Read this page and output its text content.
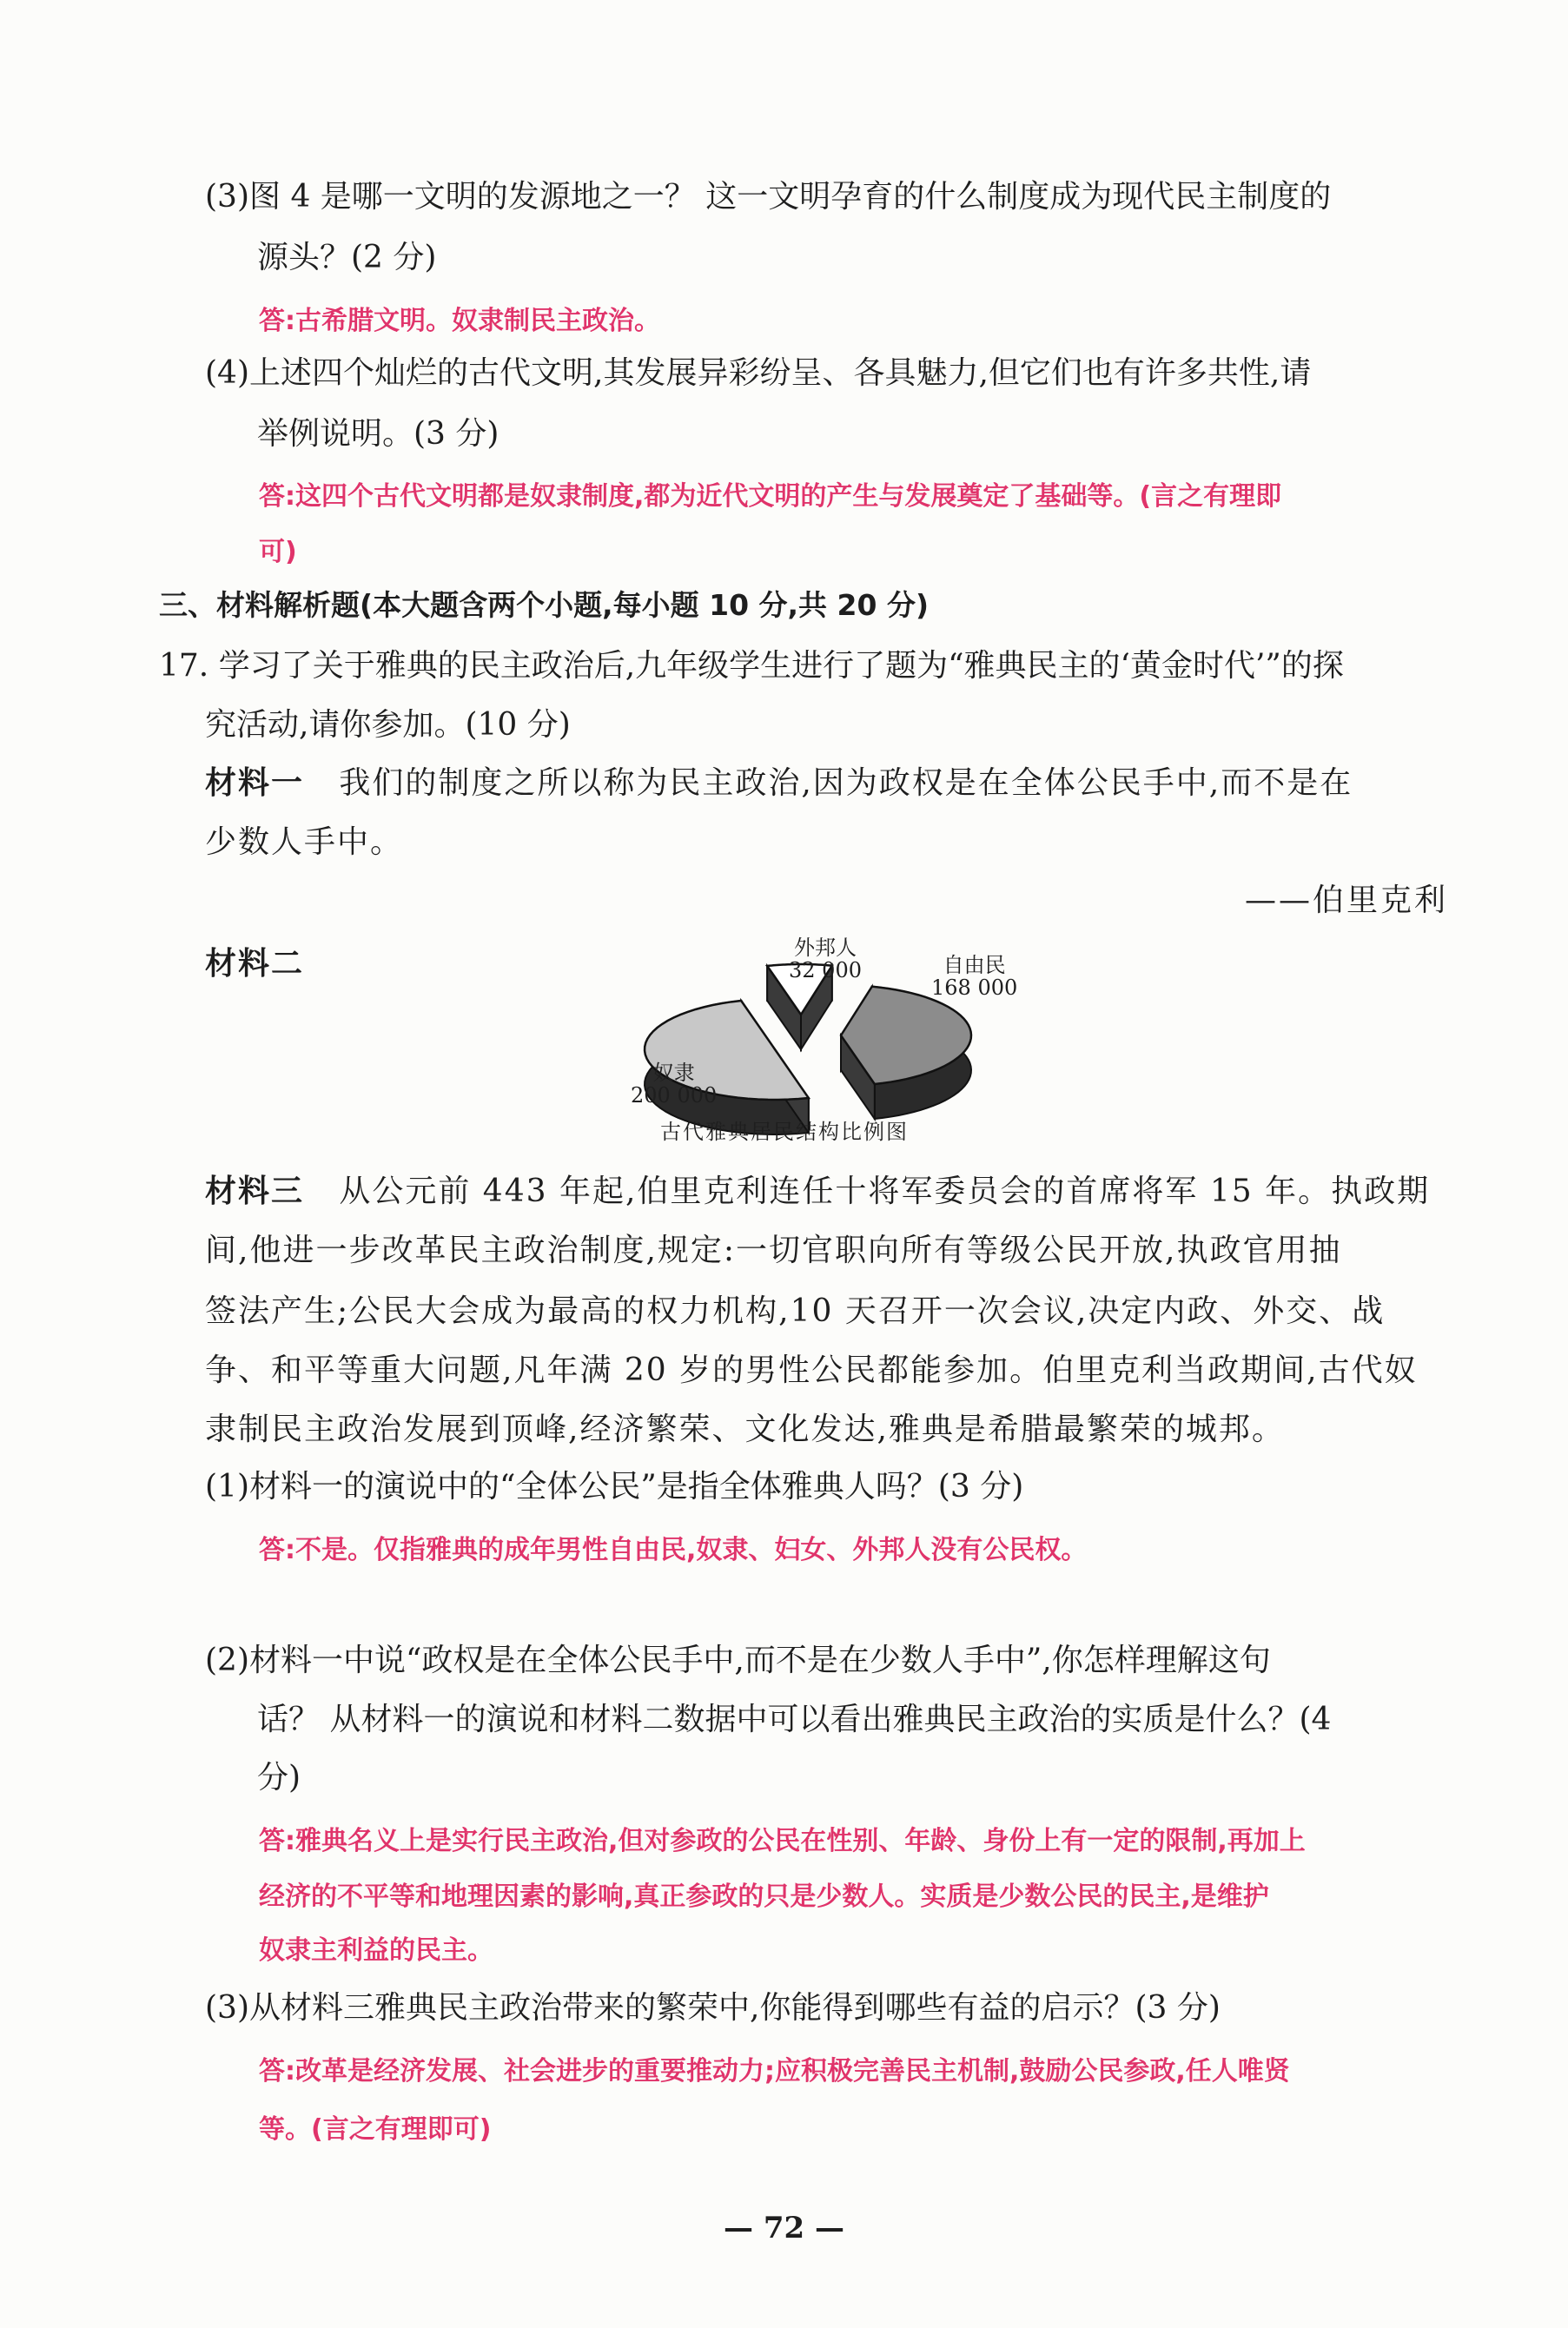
(3)图 4 是哪一文明的发源地之一？ 这一文明孕育的什么制度成为现代民主制度的
源头？(2 分)
答:古希腊文明。奴隶制民主政治。
(4)上述四个灿烂的古代文明,其发展异彩纷呈、各具魅力,但它们也有许多共性,请
举例说明。(3 分)
答:这四个古代文明都是奴隶制度,都为近代文明的产生与发展奠定了基础等。(言之有理即
可)
三、材料解析题(本大题含两个小题,每小题 10 分,共 20 分)
17. 学习了关于雅典的民主政治后,九年级学生进行了题为“雅典民主的‘黄金时代’”的探
究活动,请你参加。(10 分)
材料一 我们的制度之所以称为民主政治,因为政权是在全体公民手中,而不是在
少数人手中。
——伯里克利
材料二	外邦人
32 000	自由民
168 000
奴隶
200 000
古代雅典居民结构比例图
材料三 从公元前 443 年起,伯里克利连任十将军委员会的首席将军 15 年。执政期
间,他进一步改革民主政治制度,规定:一切官职向所有等级公民开放,执政官用抽
签法产生;公民大会成为最高的权力机构,10 天召开一次会议,决定内政、外交、战
争、和平等重大问题,凡年满 20 岁的男性公民都能参加。伯里克利当政期间,古代奴
隶制民主政治发展到顶峰,经济繁荣、文化发达,雅典是希腊最繁荣的城邦。
(1)材料一的演说中的“全体公民”是指全体雅典人吗？(3 分)
答:不是。仅指雅典的成年男性自由民,奴隶、妇女、外邦人没有公民权。
(2)材料一中说“政权是在全体公民手中,而不是在少数人手中”,你怎样理解这句
话？ 从材料一的演说和材料二数据中可以看出雅典民主政治的实质是什么？(4
分)
答:雅典名义上是实行民主政治,但对参政的公民在性别、年龄、身份上有一定的限制,再加上
经济的不平等和地理因素的影响,真正参政的只是少数人。实质是少数公民的民主,是维护
奴隶主利益的民主。
(3)从材料三雅典民主政治带来的繁荣中,你能得到哪些有益的启示？(3 分)
答:改革是经济发展、社会进步的重要推动力;应积极完善民主机制,鼓励公民参政,任人唯贤
等。(言之有理即可)
— 72 —
